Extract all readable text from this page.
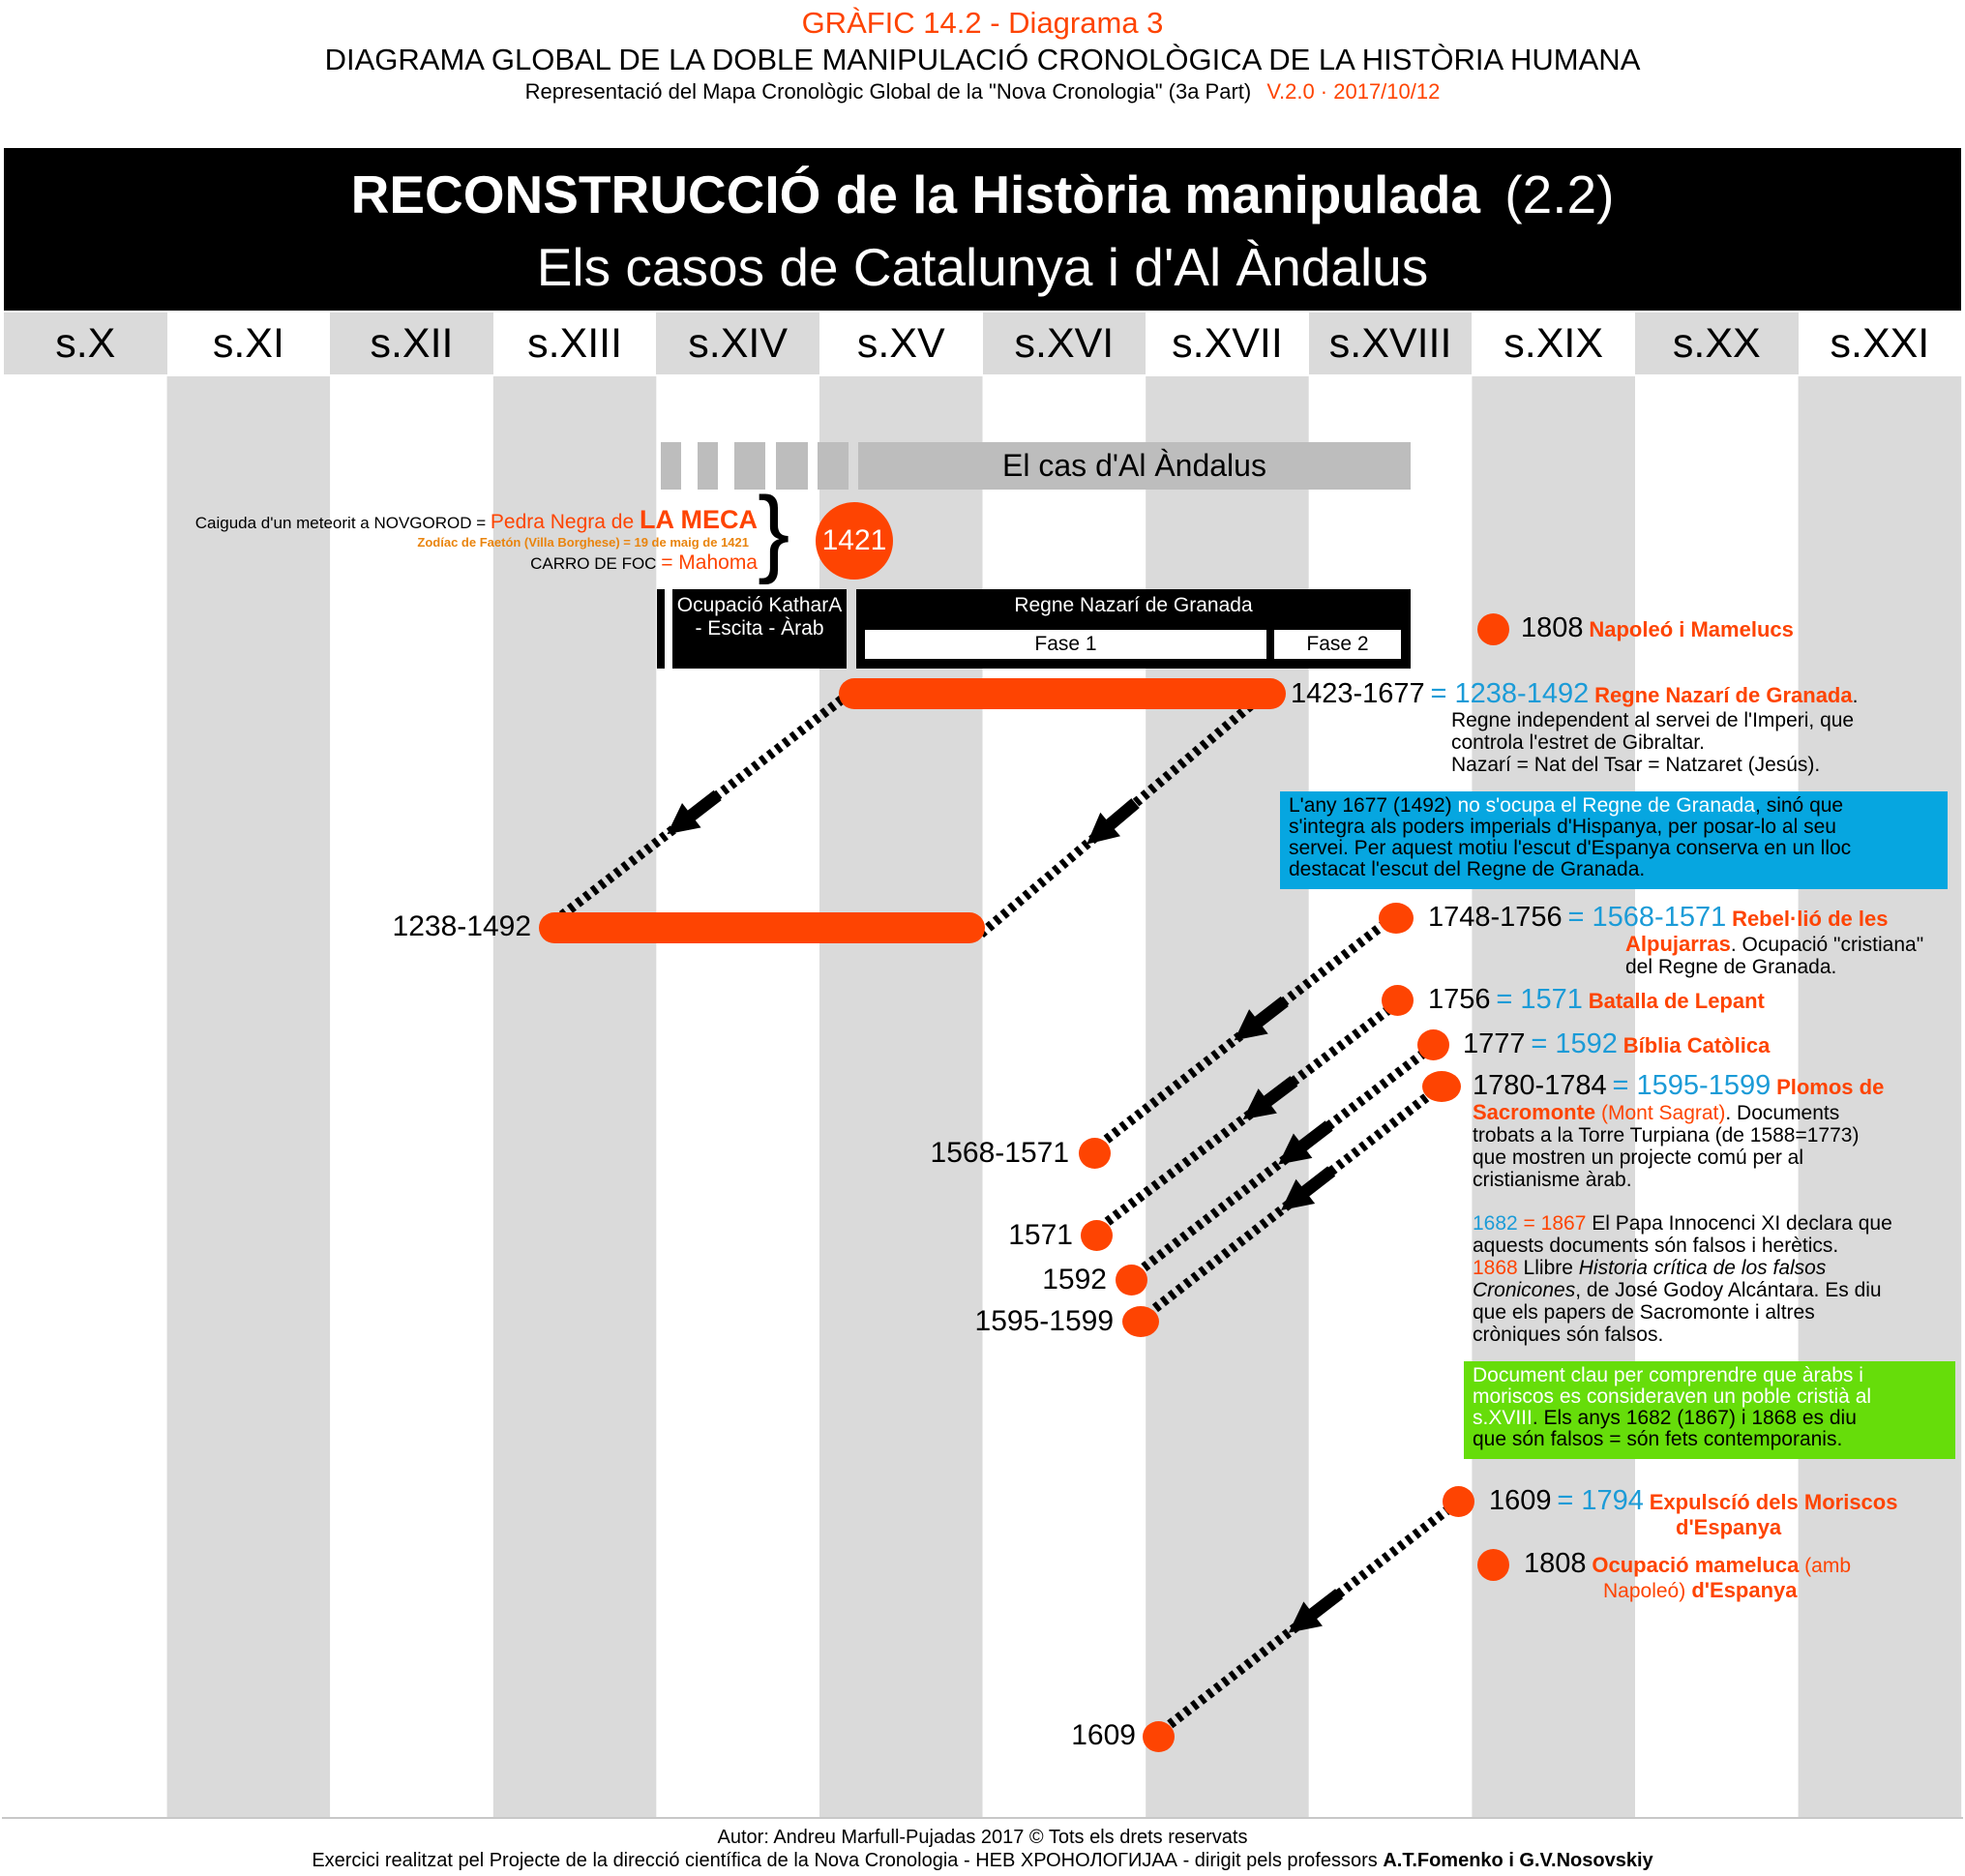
GRÀFIC 14.2 - Diagrama 3
DIAGRAMA GLOBAL DE LA DOBLE MANIPULACIÓ CRONOLÒGICA DE LA HISTÒRIA HUMANA
Representació del Mapa Cronològic Global de la "Nova Cronologia" (3a Part) V.2.0 · 2017/10/12
RECONSTRUCCIÓ de la Història manipulada (2.2)
Els casos de Catalunya i d'Al Àndalus
s.X	s.XI	s.XII	s.XIII	s.XIV	s.XV	s.XVI	s.XVII	s.XVIII	s.XIX	s.XX	s.XXI
El cas d'Al Àndalus
Caiguda d'un meteorit a NOVGOROD = Pedra Negra de LA MECA
Zodíac de Faetón (Villa Borghese) = 19 de maig de 1421
CARRO DE FOC = Mahoma } 1421
Ocupació KatharA - Escita - Àrab
Regne Nazarí de Granada
Fase 1	Fase 2
1238-1492
1568-1571
1571
1592
1595-1599
1609
1808 Napoleó i Mamelucs
1423-1677 = 1238-1492 Regne Nazarí de Granada.
Regne independent al servei de l'Imperi, que
controla l'estret de Gibraltar.
Nazarí = Nat del Tsar = Natzaret (Jesús).
L'any 1677 (1492) no s'ocupa el Regne de Granada, sinó que
s'integra als poders imperials d'Hispanya, per posar-lo al seu
servei. Per aquest motiu l'escut d'Espanya conserva en un lloc
destacat l'escut del Regne de Granada.
1748-1756 = 1568-1571 Rebel·lió de les
Alpujarras. Ocupació "cristiana"
del Regne de Granada.
1756 = 1571 Batalla de Lepant
1777 = 1592 Bíblia Catòlica
1780-1784 = 1595-1599 Plomos de
Sacromonte (Mont Sagrat). Documents
trobats a la Torre Turpiana (de 1588=1773)
que mostren un projecte comú per al
cristianisme àrab.
1682 = 1867 El Papa Innocenci XI declara que
aquests documents són falsos i herètics.
1868 Llibre Historia crítica de los falsos
Cronicones, de José Godoy Alcántara. Es diu
que els papers de Sacromonte i altres
cròniques són falsos.
Document clau per comprendre que àrabs i
moriscos es consideraven un poble cristià al
s.XVIII. Els anys 1682 (1867) i 1868 es diu
que són falsos = són fets contemporanis.
1609 = 1794 Expulscíó dels Moriscos
d'Espanya
1808 Ocupació mameluca (amb
Napoleó) d'Espanya
Autor: Andreu Marfull-Pujadas 2017 © Tots els drets reservats
Exercici realitzat pel Projecte de la direcció científica de la Nova Cronologia - НЕВ ХРОНОЛОГИJАА - dirigit pels professors A.T.Fomenko i G.V.Nosovskiy
